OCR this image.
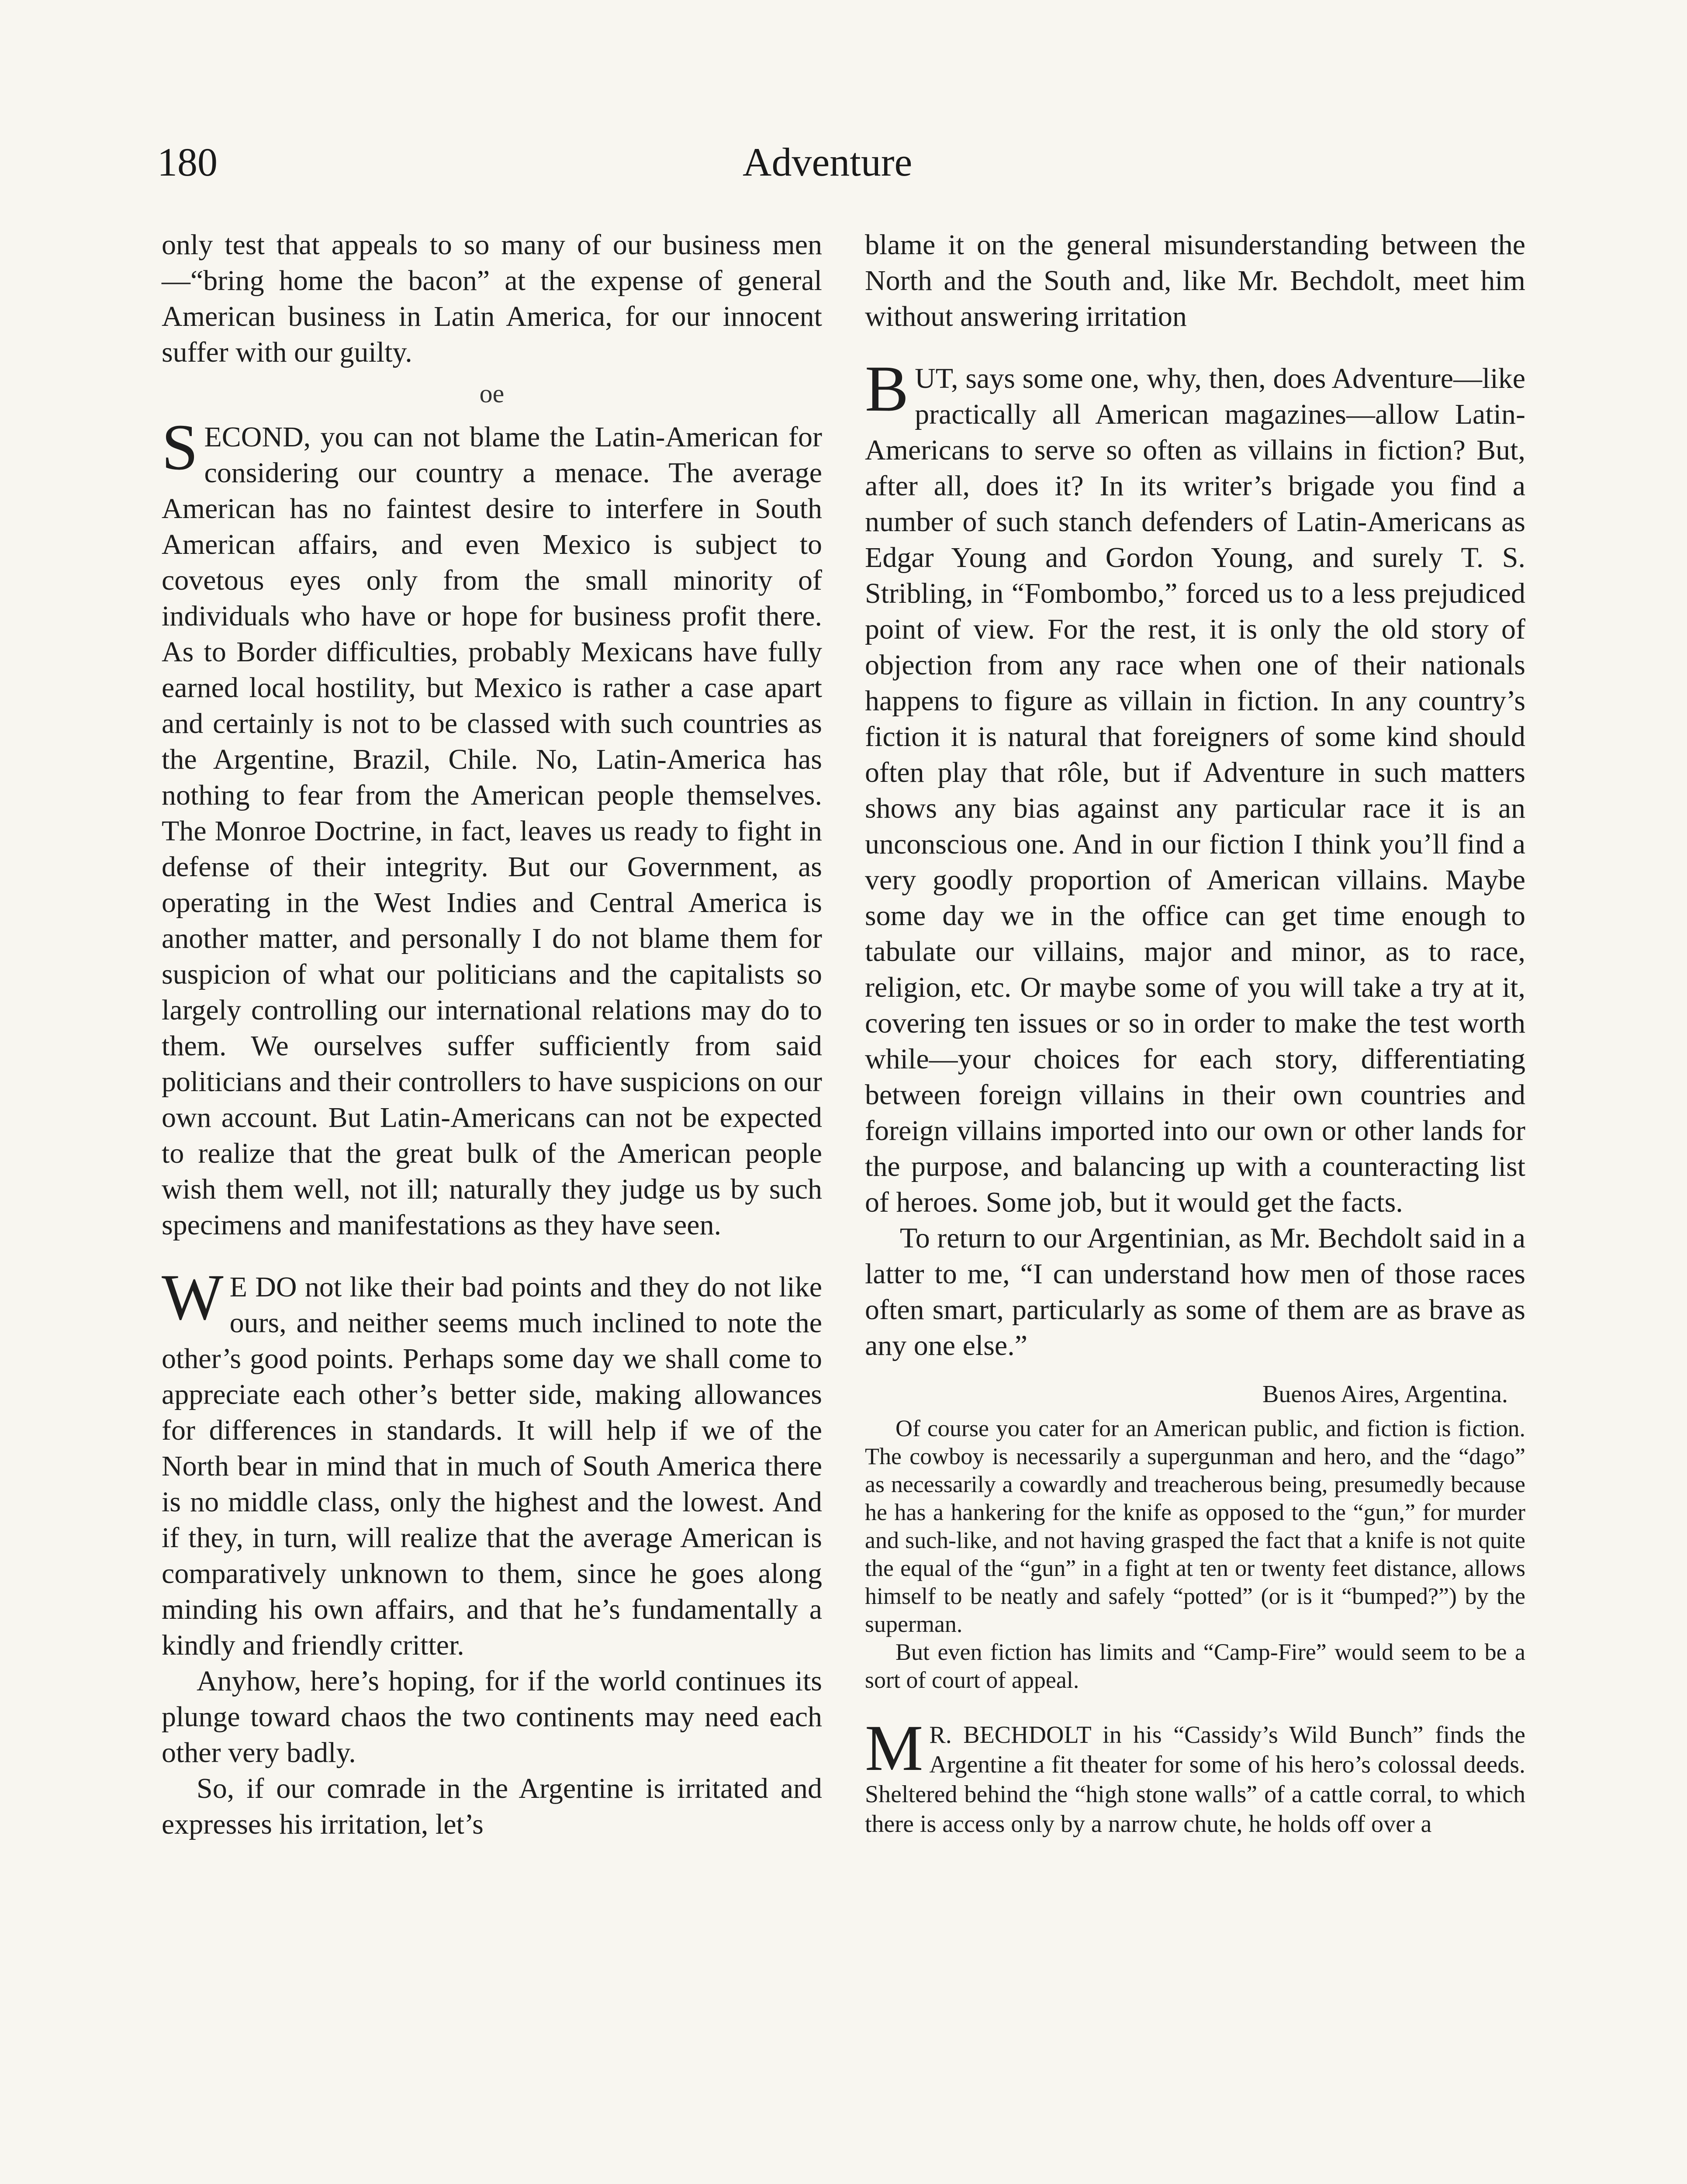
180	Adventure

only test that appeals to so many of our business men—“bring home the bacon” at the expense of general American business in Latin America, for our innocent suffer with our guilty.

oe

SECOND, you can not blame the Latin-American for considering our country a menace. The average American has no faintest desire to interfere in South American affairs, and even Mexico is subject to covetous eyes only from the small minority of individuals who have or hope for business profit there. As to Border difficulties, probably Mexicans have fully earned local hostility, but Mexico is rather a case apart and certainly is not to be classed with such countries as the Argentine, Brazil, Chile. No, Latin-America has nothing to fear from the American people themselves. The Monroe Doctrine, in fact, leaves us ready to fight in defense of their integrity. But our Government, as operating in the West Indies and Central America is another matter, and personally I do not blame them for suspicion of what our politicians and the capitalists so largely controlling our international relations may do to them. We ourselves suffer sufficiently from said politicians and their controllers to have suspicions on our own account. But Latin-Americans can not be expected to realize that the great bulk of the American people wish them well, not ill; naturally they judge us by such specimens and manifestations as they have seen.

W E DO not like their bad points and they do not like ours, and neither seems much inclined to note the other’s good points. Perhaps some day we shall come to appreciate each other’s better side, making allowances for differences in standards. It will help if we of the North bear in mind that in much of South America there is no middle class, only the highest and the lowest. And if they, in turn, will realize that the average American is comparatively unknown to them, since he goes along minding his own affairs, and that he’s fundamentally a kindly and friendly critter.

Anyhow, here’s hoping, for if the world continues its plunge toward chaos the two continents may need each other very badly.

So, if our comrade in the Argentine is irritated and expresses his irritation, let’s

blame it on the general misunderstanding between the North and the South and, like Mr. Bechdolt, meet him without answering irritation

BUT, says some one, why, then, does Adventure—like practically all American magazines—allow Latin-Americans to serve so often as villains in fiction? But, after all, does it? In its writer’s brigade you find a number of such stanch defenders of Latin-Americans as Edgar Young and Gordon Young, and surely T. S. Stribling, in “Fombombo,” forced us to a less prejudiced point of view. For the rest, it is only the old story of objection from any race when one of their nationals happens to figure as villain in fiction. In any country’s fiction it is natural that foreigners of some kind should often play that rôle, but if Adventure in such matters shows any bias against any particular race it is an unconscious one. And in our fiction I think you’ll find a very goodly proportion of American villains. Maybe some day we in the office can get time enough to tabulate our villains, major and minor, as to race, religion, etc. Or maybe some of you will take a try at it, covering ten issues or so in order to make the test worth while—your choices for each story, differentiating between foreign villains in their own countries and foreign villains imported into our own or other lands for the purpose, and balancing up with a counteracting list of heroes. Some job, but it would get the facts.

To return to our Argentinian, as Mr. Bechdolt said in a latter to me, “I can understand how men of those races often smart, particularly as some of them are as brave as any one else.”

Buenos Aires, Argentina.

Of course you cater for an American public, and fiction is fiction. The cowboy is necessarily a supergunman and hero, and the “dago” as necessarily a cowardly and treacherous being, presumedly because he has a hankering for the knife as opposed to the “gun,” for murder and such-like, and not having grasped the fact that a knife is not quite the equal of the “gun” in a fight at ten or twenty feet distance, allows himself to be neatly and safely “potted” (or is it “bumped?”) by the superman.

But even fiction has limits and “Camp-Fire” would seem to be a sort of court of appeal.

M R. BECHDOLT in his “Cassidy’s Wild Bunch” finds the Argentine a fit theater for some of his hero’s colossal deeds. Sheltered behind the “high stone walls” of a cattle corral, to which there is access only by a narrow chute, he holds off over a
